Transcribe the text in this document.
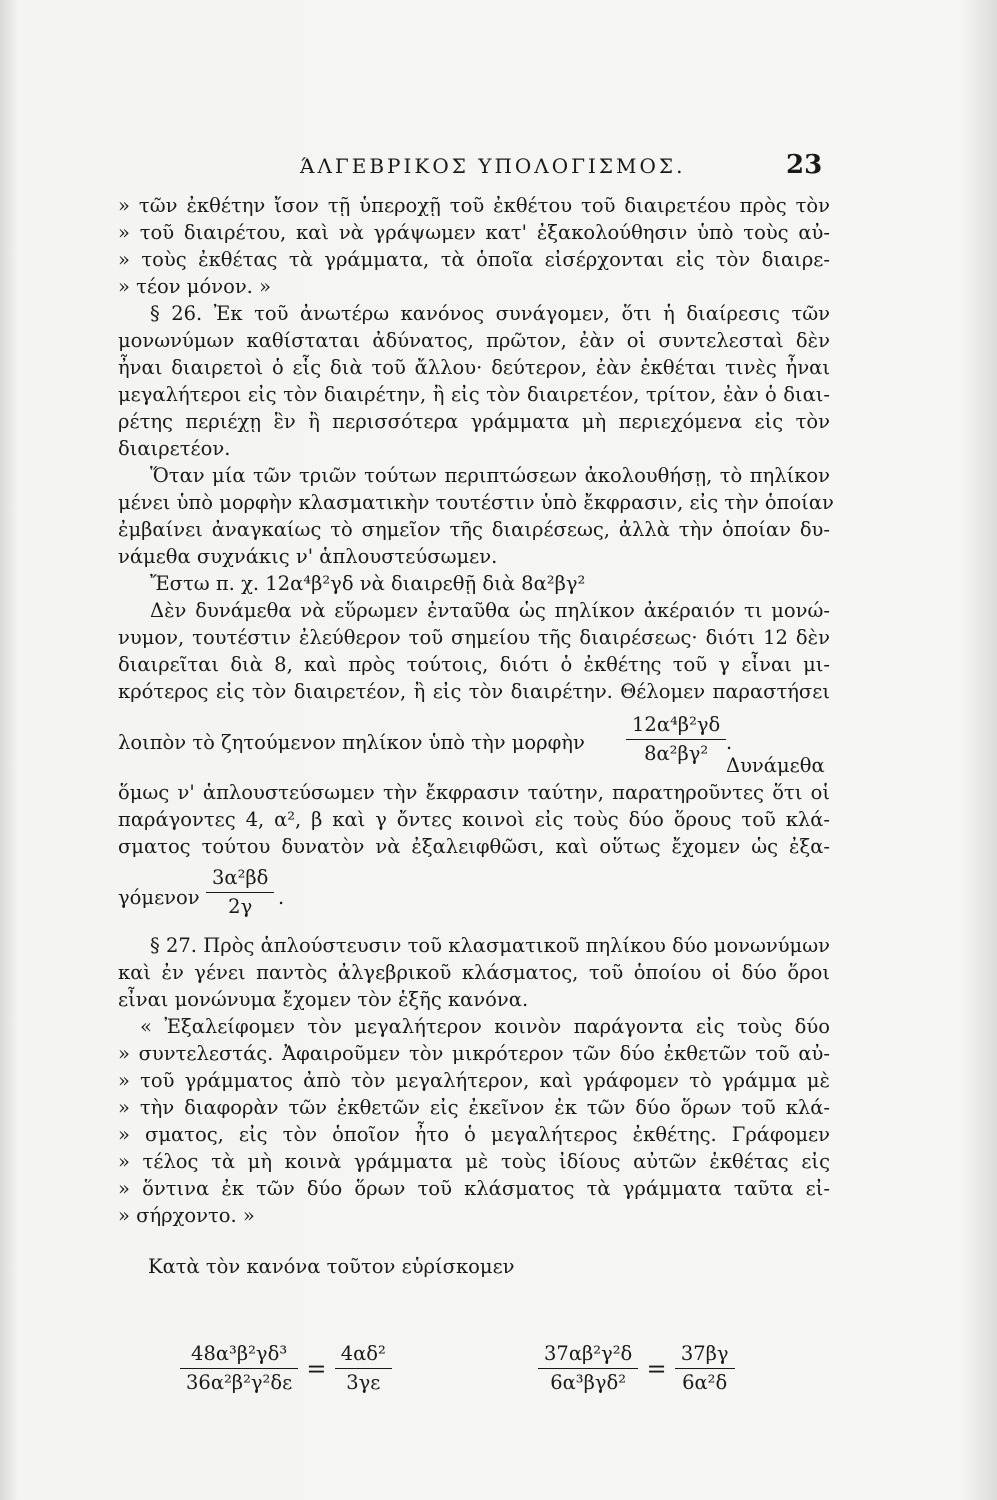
ΆΛΓΕΒΡΙΚΟΣ ΥΠΟΛΟΓΙΣΜΟΣ.	23
» τῶν ἐκθέτην ἴσον τῇ ὑπεροχῇ τοῦ ἐκθέτου τοῦ διαιρετέου πρὸς τὸν
» τοῦ διαιρέτου, καὶ νὰ γράψωμεν κατ' ἐξακολούθησιν ὑπὸ τοὺς αὐ-
» τοὺς ἐκθέτας τὰ γράμματα, τὰ ὁποῖα εἰσέρχονται εἰς τὸν διαιρε-
» τέον μόνον. »
§ 26. Ἐκ τοῦ ἀνωτέρω κανόνος συνάγομεν, ὅτι ἡ διαίρεσις τῶν
μονωνύμων καθίσταται ἀδύνατος, πρῶτον, ἐὰν οἱ συντελεσταὶ δὲν
ἦναι διαιρετοὶ ὁ εἷς διὰ τοῦ ἄλλου· δεύτερον, ἐὰν ἐκθέται τινὲς ἦναι
μεγαλήτεροι εἰς τὸν διαιρέτην, ἢ εἰς τὸν διαιρετέον, τρίτον, ἐὰν ὁ διαι-
ρέτης περιέχῃ ἓν ἢ περισσότερα γράμματα μὴ περιεχόμενα εἰς τὸν
διαιρετέον.
Ὅταν μία τῶν τριῶν τούτων περιπτώσεων ἀκολουθήσῃ, τὸ πηλίκον
μένει ὑπὸ μορφὴν κλασματικὴν τουτέστιν ὑπὸ ἔκφρασιν, εἰς τὴν ὁποίαν
ἐμβαίνει ἀναγκαίως τὸ σημεῖον τῆς διαιρέσεως, ἀλλὰ τὴν ὁποίαν δυ-
νάμεθα συχνάκις ν' ἁπλουστεύσωμεν.
Ἔστω π. χ. 12α⁴β²γδ νὰ διαιρεθῇ διὰ 8α²βγ²
Δὲν δυνάμεθα νὰ εὕρωμεν ἐνταῦθα ὡς πηλίκον ἀκέραιόν τι μονώ-
νυμον, τουτέστιν ἐλεύθερον τοῦ σημείου τῆς διαιρέσεως· διότι 12 δὲν
διαιρεῖται διὰ 8, καὶ πρὸς τούτοις, διότι ὁ ἐκθέτης τοῦ γ εἶναι μι-
κρότερος εἰς τὸν διαιρετέον, ἢ εἰς τὸν διαιρέτην. Θέλομεν παραστήσει
λοιπὸν τὸ ζητούμενον πηλίκον ὑπὸ τὴν μορφὴν $\frac{\text{12α⁴β²γδ}}{\text{8α²βγ²}}$ . Δυνάμεθα
ὅμως ν' ἁπλουστεύσωμεν τὴν ἔκφρασιν ταύτην, παρατηροῦντες ὅτι οἱ
παράγοντες 4, α², β καὶ γ ὄντες κοινοὶ εἰς τοὺς δύο ὅρους τοῦ κλά-
σματος τούτου δυνατὸν νὰ ἐξαλειφθῶσι, καὶ οὕτως ἔχομεν ὡς ἐξα-
γόμενον $\frac{\text{3α²βδ}}{2\gamma}$ .
§ 27. Πρὸς ἁπλούστευσιν τοῦ κλασματικοῦ πηλίκου δύο μονωνύμων
καὶ ἐν γένει παντὸς ἀλγεβρικοῦ κλάσματος, τοῦ ὁποίου οἱ δύο ὅροι
εἶναι μονώνυμα ἔχομεν τὸν ἑξῆς κανόνα.
« Ἐξαλείφομεν τὸν μεγαλήτερον κοινὸν παράγοντα εἰς τοὺς δύο
» συντελεστάς. Ἀφαιροῦμεν τὸν μικρότερον τῶν δύο ἐκθετῶν τοῦ αὐ-
» τοῦ γράμματος ἀπὸ τὸν μεγαλήτερον, καὶ γράφομεν τὸ γράμμα μὲ
» τὴν διαφορὰν τῶν ἐκθετῶν εἰς ἐκεῖνον ἐκ τῶν δύο ὅρων τοῦ κλά-
» σματος, εἰς τὸν ὁποῖον ἦτο ὁ μεγαλήτερος ἐκθέτης. Γράφομεν
» τέλος τὰ μὴ κοινὰ γράμματα μὲ τοὺς ἰδίους αὐτῶν ἐκθέτας εἰς
» ὅντινα ἐκ τῶν δύο ὅρων τοῦ κλάσματος τὰ γράμματα ταῦτα εἰ-
» σήρχοντο. »
Κατὰ τὸν κανόνα τοῦτον εὑρίσκομεν
$\frac{\text{48α³β²γδ³}}{\text{36α²β²γ²δε}} = \frac{\text{4αδ²}}{3\gamma\varepsilon}$	$\frac{\text{37αβ²γ²δ}}{\text{6α³βγδ²}} = \frac{37\beta\gamma}{\text{6α²δ}}$
